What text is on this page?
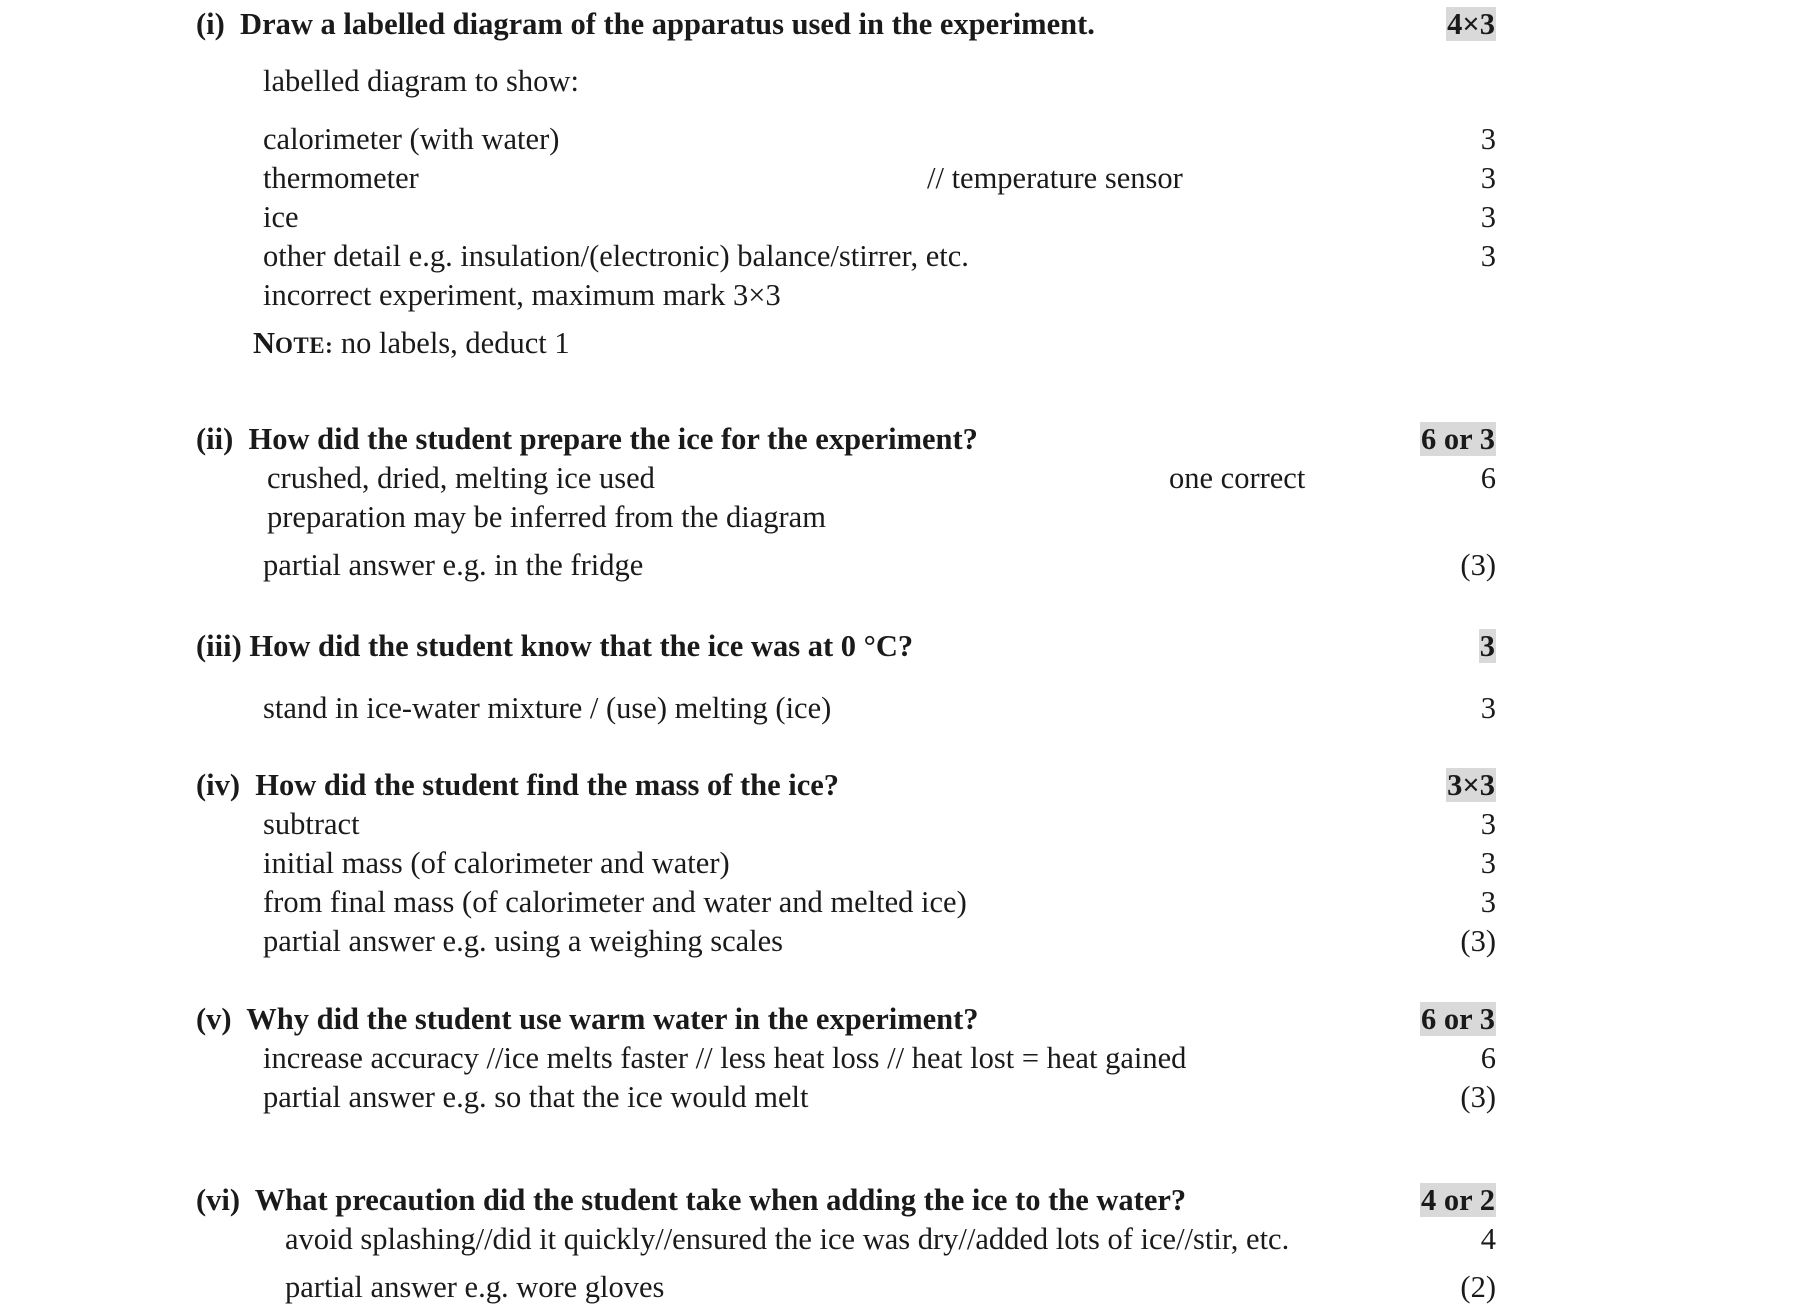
(i) Draw a labelled diagram of the apparatus used in the experiment.	4×3
labelled diagram to show:
calorimeter (with water)	3
thermometer	// temperature sensor	3
ice	3
other detail e.g. insulation/(electronic) balance/stirrer, etc.	3
incorrect experiment, maximum mark 3×3
NOTE: no labels, deduct 1
(ii) How did the student prepare the ice for the experiment?	6 or 3
crushed, dried, melting ice used	one correct	6
preparation may be inferred from the diagram
partial answer e.g. in the fridge	(3)
(iii) How did the student know that the ice was at 0 °C?	3
stand in ice-water mixture / (use) melting (ice)	3
(iv) How did the student find the mass of the ice?	3×3
subtract	3
initial mass (of calorimeter and water)	3
from final mass (of calorimeter and water and melted ice)	3
partial answer e.g. using a weighing scales	(3)
(v) Why did the student use warm water in the experiment?	6 or 3
increase accuracy //ice melts faster // less heat loss // heat lost = heat gained	6
partial answer e.g. so that the ice would melt	(3)
(vi) What precaution did the student take when adding the ice to the water?	4 or 2
avoid splashing//did it quickly//ensured the ice was dry//added lots of ice//stir, etc.	4
partial answer e.g. wore gloves	(2)
